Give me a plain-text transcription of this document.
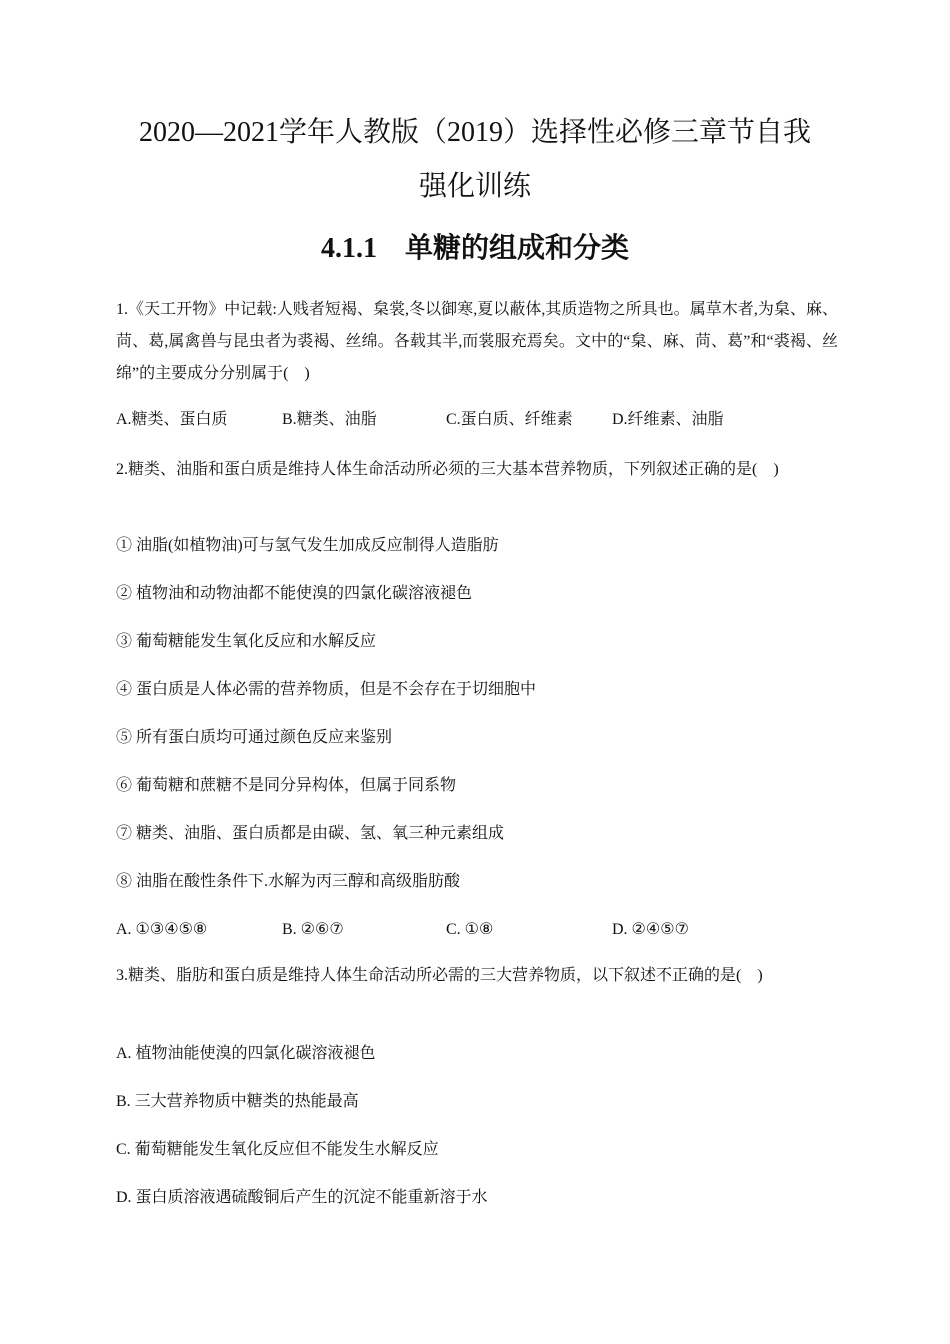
2020—2021学年人教版（2019）选择性必修三章节自我
强化训练
4.1.1　单糖的组成和分类

1.《天工开物》中记载:人贱者短褐、枲裳,冬以御寒,夏以蔽体,其质造物之所具也。属草木者,为枲、麻、苘、葛,属禽兽与昆虫者为裘褐、丝绵。各载其半,而裳服充焉矣。文中的“枲、麻、苘、葛”和“裘褐、丝绵”的主要成分分别属于(　)

A.糖类、蛋白质	B.糖类、油脂	C.蛋白质、纤维素 D.纤维素、油脂

2.糖类、油脂和蛋白质是维持人体生命活动所必须的三大基本营养物质，下列叙述正确的是(　)

① 油脂(如植物油)可与氢气发生加成反应制得人造脂肪

② 植物油和动物油都不能使溴的四氯化碳溶液褪色

③ 葡萄糖能发生氧化反应和水解反应

④ 蛋白质是人体必需的营养物质，但是不会存在于切细胞中

⑤ 所有蛋白质均可通过颜色反应来鉴别

⑥ 葡萄糖和蔗糖不是同分异构体，但属于同系物

⑦ 糖类、油脂、蛋白质都是由碳、氢、氧三种元素组成

⑧ 油脂在酸性条件下.水解为丙三醇和高级脂肪酸

A. ①③④⑤⑧	B. ②⑥⑦	C. ①⑧	D. ②④⑤⑦

3.糖类、脂肪和蛋白质是维持人体生命活动所必需的三大营养物质，以下叙述不正确的是(　)

A. 植物油能使溴的四氯化碳溶液褪色

B. 三大营养物质中糖类的热能最高

C. 葡萄糖能发生氧化反应但不能发生水解反应

D. 蛋白质溶液遇硫酸铜后产生的沉淀不能重新溶于水
